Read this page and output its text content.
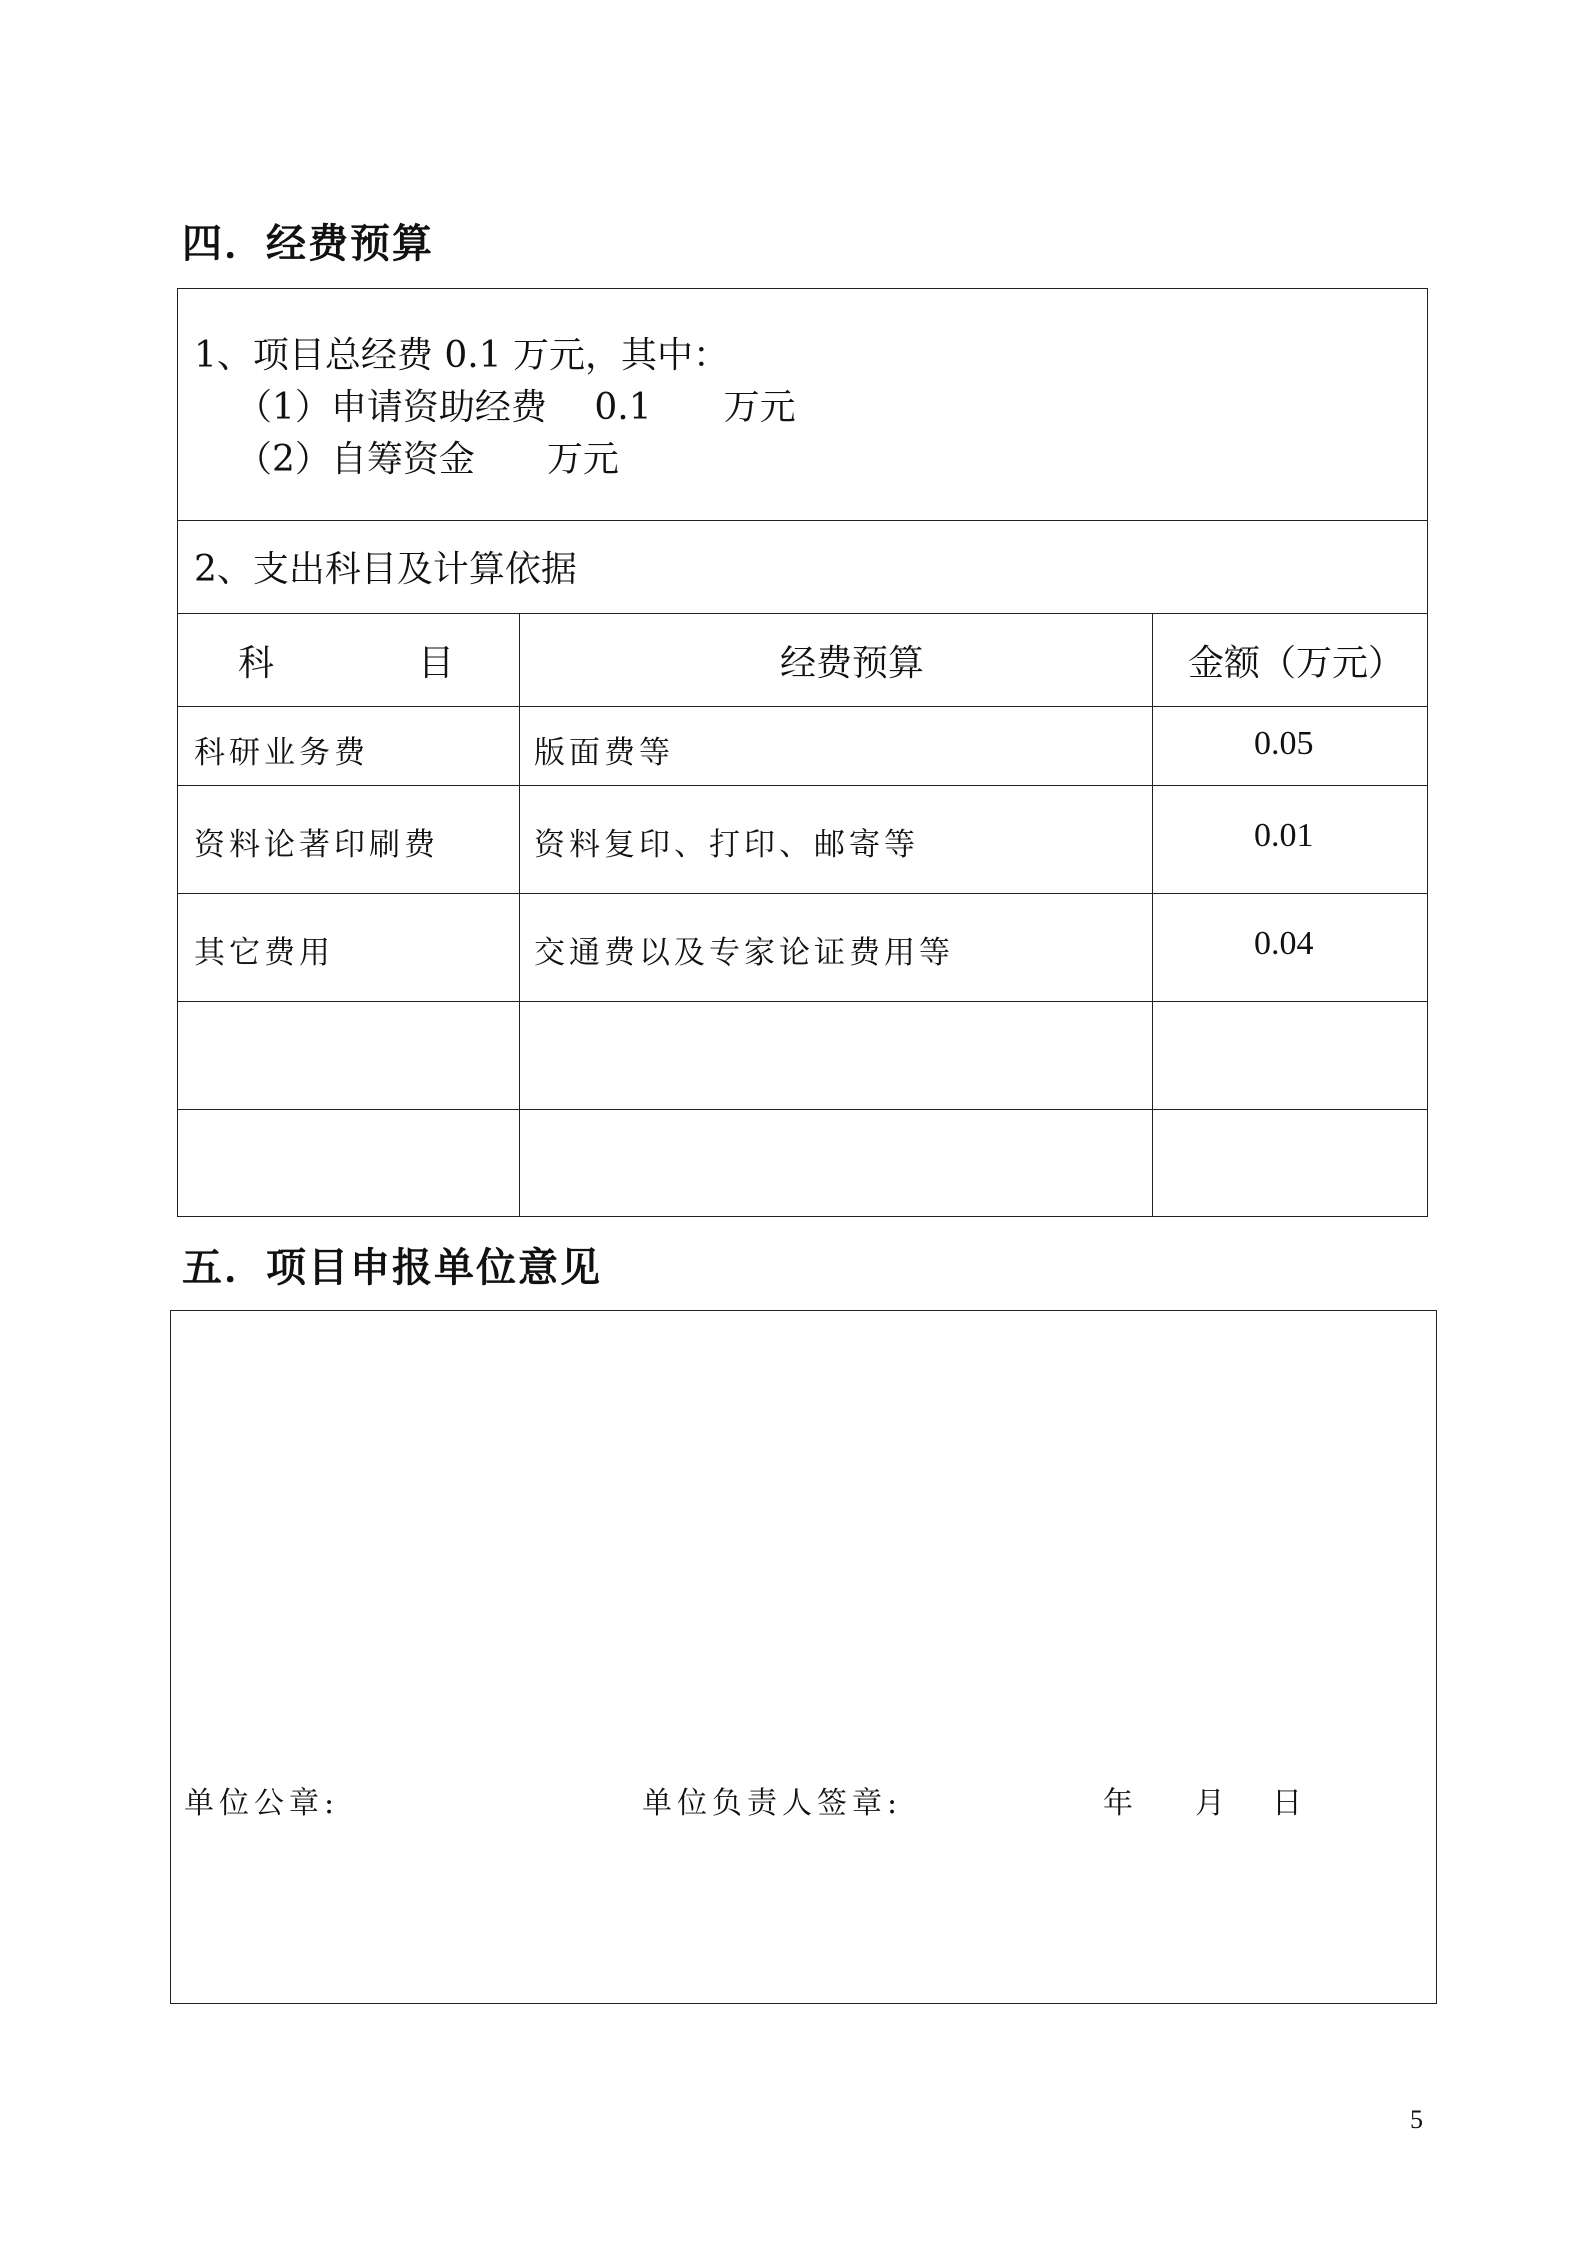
四．经费预算
1、项目总经费 0.1 万元，其中：
（1）申请资助经费　 0.1　　万元
（2）自筹资金　　万元
2、支出科目及计算依据
科　　　　目	经费预算	金额（万元）
科研业务费	版面费等	0.05
资料论著印刷费	资料复印、打印、邮寄等	0.01
其它费用	交通费以及专家论证费用等	0.04
五．项目申报单位意见
单位公章:	单位负责人签章:	年 月 日
5
